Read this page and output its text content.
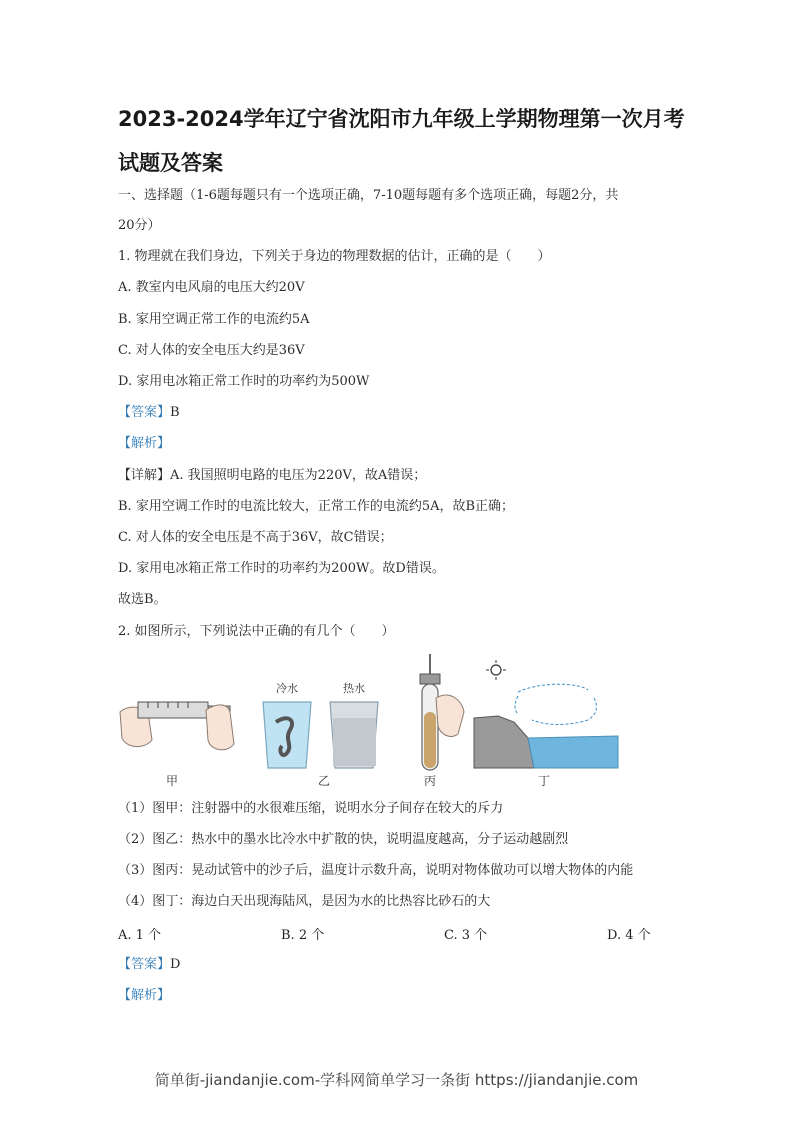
2023-2024学年辽宁省沈阳市九年级上学期物理第一次月考
试题及答案
一、选择题（1-6题每题只有一个选项正确，7-10题每题有多个选项正确，每题2分，共
20分）
1. 物理就在我们身边，下列关于身边的物理数据的估计，正确的是（　　）
A. 教室内电风扇的电压大约20V
B. 家用空调正常工作的电流约5A
C. 对人体的安全电压大约是36V
D. 家用电冰箱正常工作时的功率约为500W
【答案】B
【解析】
【详解】A. 我国照明电路的电压为220V，故A错误；
B. 家用空调工作时的电流比较大，正常工作的电流约5A，故B正确；
C. 对人体的安全电压是不高于36V，故C错误；
D. 家用电冰箱正常工作时的功率约为200W。故D错误。
故选B。
2. 如图所示，下列说法中正确的有几个（　　）
冷水	热水
甲	乙	丙	丁
（1）图甲：注射器中的水很难压缩，说明水分子间存在较大的斥力
（2）图乙：热水中的墨水比冷水中扩散的快，说明温度越高，分子运动越剧烈
（3）图丙：晃动试管中的沙子后，温度计示数升高，说明对物体做功可以增大物体的内能
（4）图丁：海边白天出现海陆风，是因为水的比热容比砂石的大
A. 1 个	B. 2 个	C. 3 个	D. 4 个
【答案】D
【解析】
简单街-jiandanjie.com-学科网简单学习一条街 https://jiandanjie.com
